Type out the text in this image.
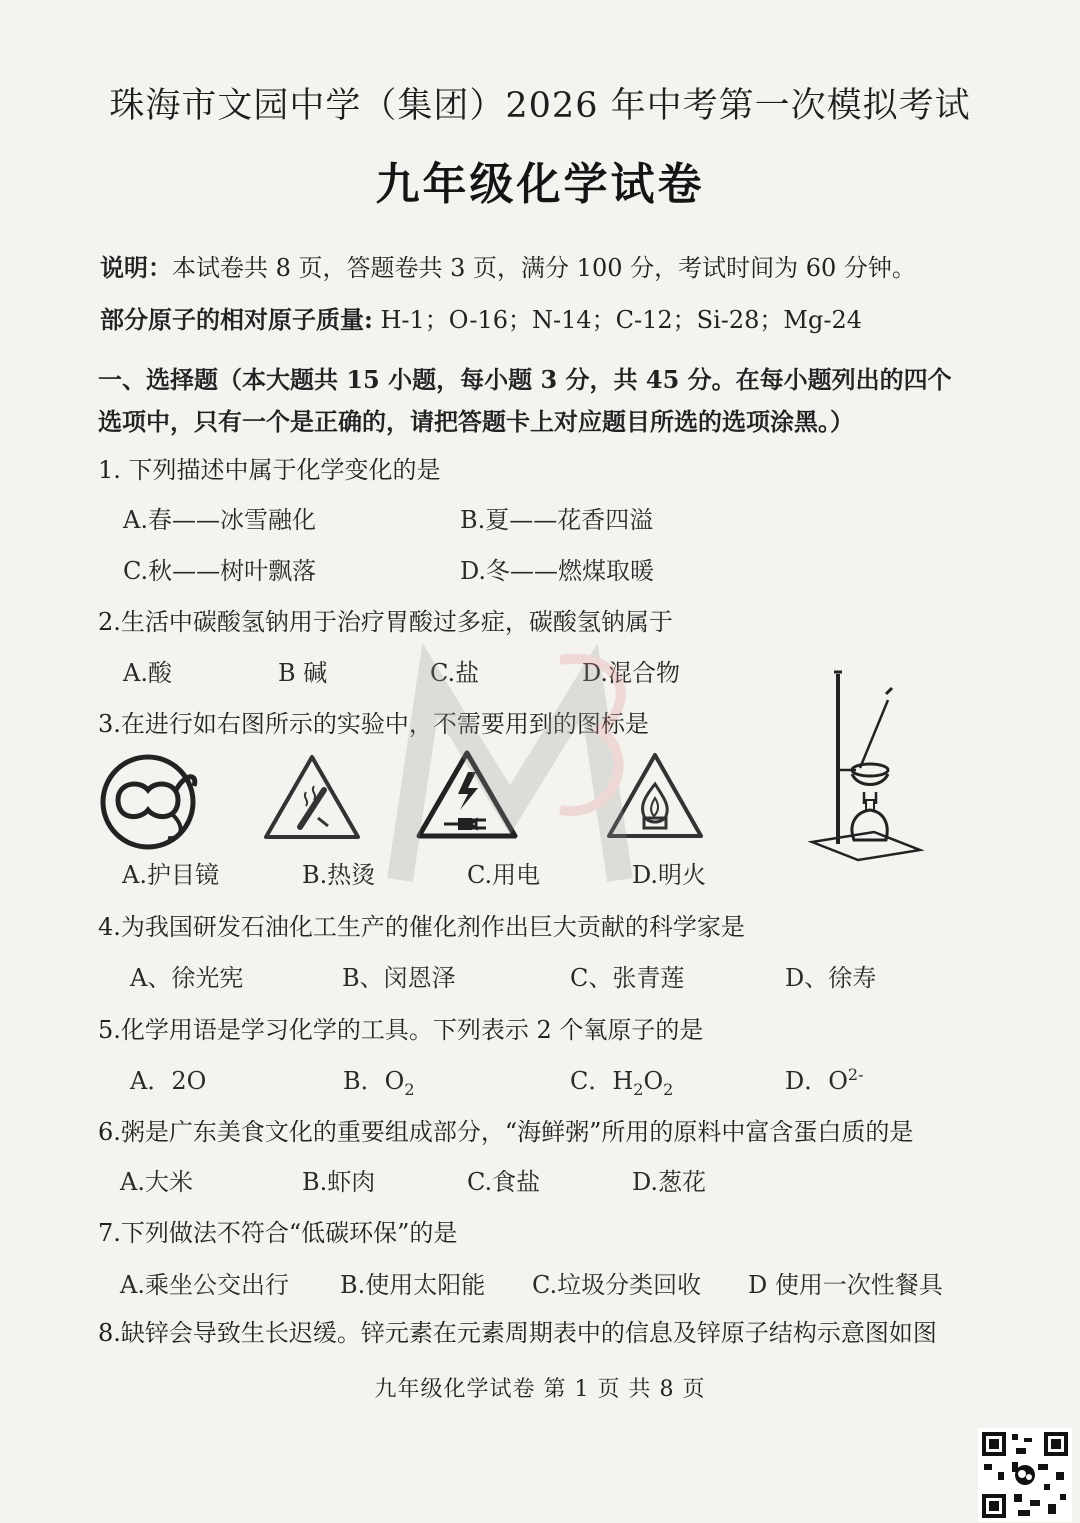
珠海市文园中学（集团）2026 年中考第一次模拟考试
九年级化学试卷
说明：本试卷共 8 页，答题卷共 3 页，满分 100 分，考试时间为 60 分钟。
部分原子的相对原子质量: H-1；O-16；N-14；C-12；Si-28；Mg-24
一、选择题（本大题共 15 小题，每小题 3 分，共 45 分。在每小题列出的四个
选项中，只有一个是正确的，请把答题卡上对应题目所选的选项涂黑。）
1. 下列描述中属于化学变化的是
A.春——冰雪融化	B.夏——花香四溢
C.秋——树叶飘落	D.冬——燃煤取暖
2.生活中碳酸氢钠用于治疗胃酸过多症，碳酸氢钠属于
A.酸	B 碱	C.盐	D.混合物
3.在进行如右图所示的实验中，不需要用到的图标是
A.护目镜	B.热烫	C.用电	D.明火
4.为我国研发石油化工生产的催化剂作出巨大贡献的科学家是
A、徐光宪	B、闵恩泽	C、张青莲	D、徐寿
5.化学用语是学习化学的工具。下列表示 2 个氧原子的是
A．2O	B．$O_2$	C．$H_2O_2$	D．$O^{2-}$
6.粥是广东美食文化的重要组成部分，“海鲜粥”所用的原料中富含蛋白质的是
A.大米	B.虾肉	C.食盐	D.葱花
7.下列做法不符合“低碳环保”的是
A.乘坐公交出行 B.使用太阳能 C.垃圾分类回收 D 使用一次性餐具
8.缺锌会导致生长迟缓。锌元素在元素周期表中的信息及锌原子结构示意图如图
九年级化学试卷 第 1 页 共 8 页
